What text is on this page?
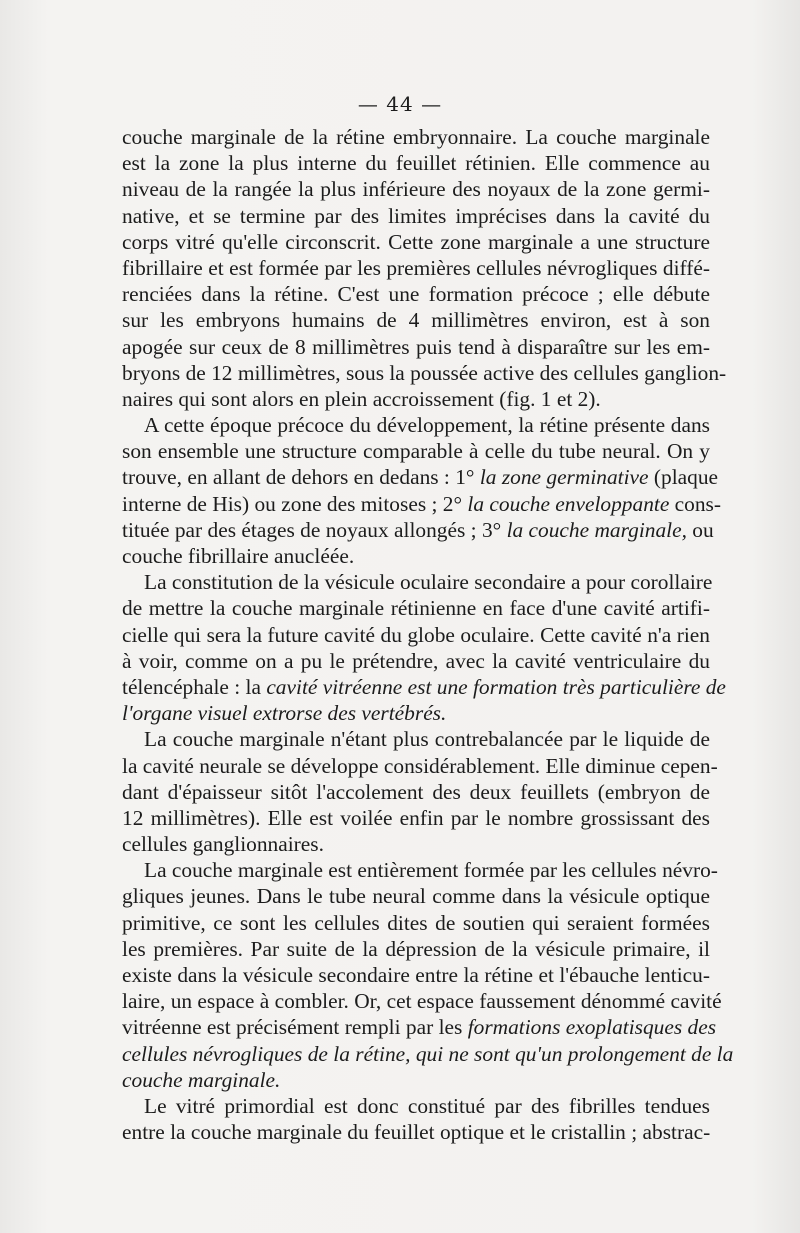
— 44 —
couche marginale de la rétine embryonnaire. La couche marginale
est la zone la plus interne du feuillet rétinien. Elle commence au
niveau de la rangée la plus inférieure des noyaux de la zone germi-
native, et se termine par des limites imprécises dans la cavité du
corps vitré qu'elle circonscrit. Cette zone marginale a une structure
fibrillaire et est formée par les premières cellules névrogliques diffé-
renciées dans la rétine. C'est une formation précoce ; elle débute
sur les embryons humains de 4 millimètres environ, est à son
apogée sur ceux de 8 millimètres puis tend à disparaître sur les em-
bryons de 12 millimètres, sous la poussée active des cellules ganglion-
naires qui sont alors en plein accroissement (fig. 1 et 2).
A cette époque précoce du développement, la rétine présente dans
son ensemble une structure comparable à celle du tube neural. On y
trouve, en allant de dehors en dedans : 1° la zone germinative (plaque
interne de His) ou zone des mitoses ; 2° la couche enveloppante cons-
tituée par des étages de noyaux allongés ; 3° la couche marginale, ou
couche fibrillaire anucléée.
La constitution de la vésicule oculaire secondaire a pour corollaire
de mettre la couche marginale rétinienne en face d'une cavité artifi-
cielle qui sera la future cavité du globe oculaire. Cette cavité n'a rien
à voir, comme on a pu le prétendre, avec la cavité ventriculaire du
télencéphale : la cavité vitréenne est une formation très particulière de
l'organe visuel extrorse des vertébrés.
La couche marginale n'étant plus contrebalancée par le liquide de
la cavité neurale se développe considérablement. Elle diminue cepen-
dant d'épaisseur sitôt l'accolement des deux feuillets (embryon de
12 millimètres). Elle est voilée enfin par le nombre grossissant des
cellules ganglionnaires.
La couche marginale est entièrement formée par les cellules névro-
gliques jeunes. Dans le tube neural comme dans la vésicule optique
primitive, ce sont les cellules dites de soutien qui seraient formées
les premières. Par suite de la dépression de la vésicule primaire, il
existe dans la vésicule secondaire entre la rétine et l'ébauche lenticu-
laire, un espace à combler. Or, cet espace faussement dénommé cavité
vitréenne est précisément rempli par les formations exoplatisques des
cellules névrogliques de la rétine, qui ne sont qu'un prolongement de la
couche marginale.
Le vitré primordial est donc constitué par des fibrilles tendues
entre la couche marginale du feuillet optique et le cristallin ; abstrac-
